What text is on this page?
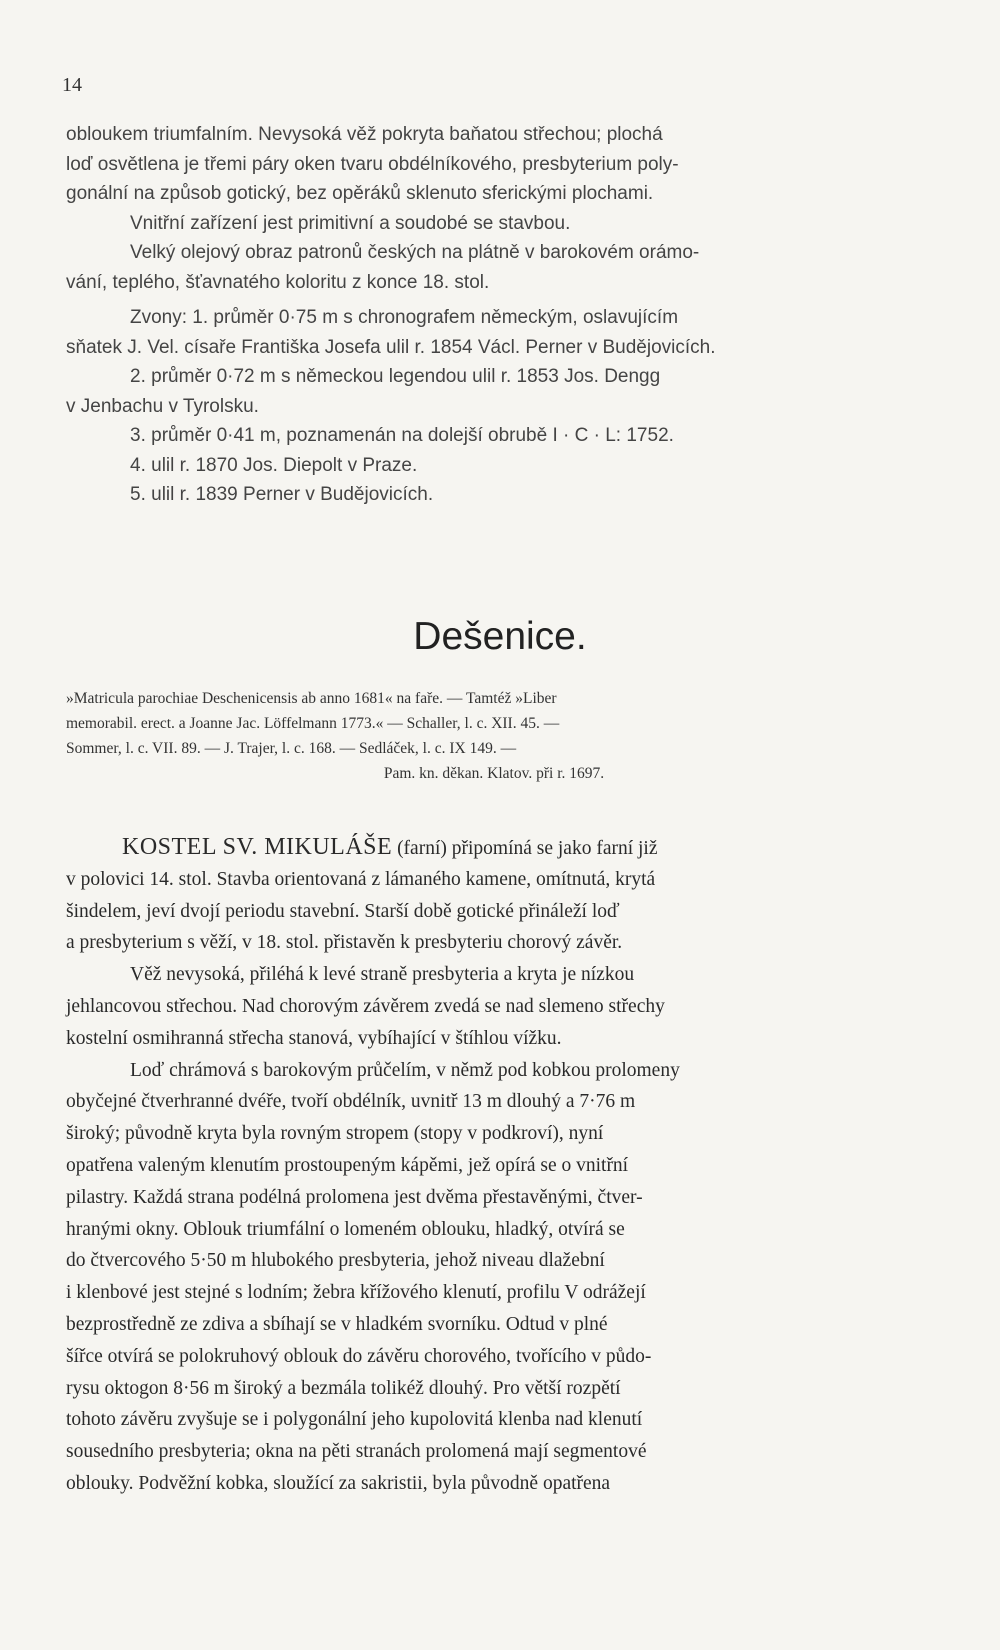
14
obloukem triumfalním. Nevysoká věž pokryta baňatou střechou; plochá
loď osvětlena je třemi páry oken tvaru obdélníkového, presbyterium poly-
gonální na způsob gotický, bez opěráků sklenuto sferickými plochami.
Vnitřní zařízení jest primitivní a soudobé se stavbou.
Velký olejový obraz patronů českých na plátně v barokovém orámo-
vání, teplého, šťavnatého koloritu z konce 18. stol.
Zvony: 1. průměr 0·75 m s chronografem německým, oslavujícím
sňatek J. Vel. císaře Františka Josefa ulil r. 1854 Václ. Perner v Budějovicích.
2. průměr 0·72 m s německou legendou ulil r. 1853 Jos. Dengg
v Jenbachu v Tyrolsku.
3. průměr 0·41 m, poznamenán na dolejší obrubě I · C · L: 1752.
4. ulil r. 1870 Jos. Diepolt v Praze.
5. ulil r. 1839 Perner v Budějovicích.
Dešenice.
»Matricula parochiae Deschenicensis ab anno 1681« na faře. — Tamtéž »Liber
memorabil. erect. a Joanne Jac. Löffelmann 1773.« — Schaller, l. c. XII. 45. —
Sommer, l. c. VII. 89. — J. Trajer, l. c. 168. — Sedláček, l. c. IX 149. —
Pam. kn. děkan. Klatov. při r. 1697.
KOSTEL SV. MIKULÁŠE (farní) připomíná se jako farní již
v polovici 14. stol. Stavba orientovaná z lámaného kamene, omítnutá, krytá
šindelem, jeví dvojí periodu stavební. Starší době gotické přináleží loď
a presbyterium s věží, v 18. stol. přistavěn k presbyteriu chorový závěr.
Věž nevysoká, přiléhá k levé straně presbyteria a kryta je nízkou
jehlancovou střechou. Nad chorovým závěrem zvedá se nad slemeno střechy
kostelní osmihranná střecha stanová, vybíhající v štíhlou vížku.
Loď chrámová s barokovým průčelím, v němž pod kobkou prolomeny
obyčejné čtverhranné dvéře, tvoří obdélník, uvnitř 13 m dlouhý a 7·76 m
široký; původně kryta byla rovným stropem (stopy v podkroví), nyní
opatřena valeným klenutím prostoupeným kápěmi, jež opírá se o vnitřní
pilastry. Každá strana podélná prolomena jest dvěma přestavěnými, čtver-
hranými okny. Oblouk triumfální o lomeném oblouku, hladký, otvírá se
do čtvercového 5·50 m hlubokého presbyteria, jehož niveau dlažební
i klenbové jest stejné s lodním; žebra křížového klenutí, profilu V odrážejí
bezprostředně ze zdiva a sbíhají se v hladkém svorníku. Odtud v plné
šířce otvírá se polokruhový oblouk do závěru chorového, tvořícího v půdo-
rysu oktogon 8·56 m široký a bezmála tolikéž dlouhý. Pro větší rozpětí
tohoto závěru zvyšuje se i polygonální jeho kupolovitá klenba nad klenutí
sousedního presbyteria; okna na pěti stranách prolomená mají segmentové
oblouky. Podvěžní kobka, sloužící za sakristii, byla původně opatřena
